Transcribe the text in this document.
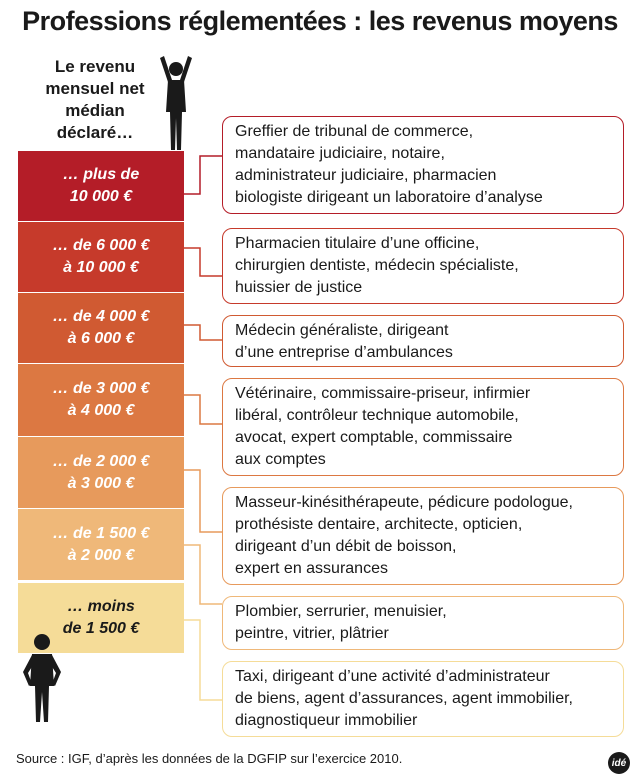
Professions réglementées : les revenus moyens
Le revenu mensuel net médian déclaré…
… plus de
10 000 €
… de 6 000 €
à 10 000 €
… de 4 000 €
à 6 000 €
… de 3 000 €
à 4 000 €
… de 2 000 €
à 3 000 €
… de 1 500 €
à 2 000 €
… moins
de 1 500 €
Greffier de tribunal de commerce,
mandataire judiciaire, notaire,
administrateur judiciaire, pharmacien
biologiste dirigeant un laboratoire d’analyse
Pharmacien titulaire d’une officine,
chirurgien dentiste, médecin spécialiste,
huissier de justice
Médecin généraliste, dirigeant
d’une entreprise d’ambulances
Vétérinaire, commissaire-priseur, infirmier
libéral, contrôleur technique automobile,
avocat, expert comptable, commissaire
aux comptes
Masseur-kinésithérapeute, pédicure podologue,
prothésiste dentaire, architecte, opticien,
dirigeant d’un débit de boisson,
expert en assurances
Plombier, serrurier, menuisier,
peintre, vitrier, plâtrier
Taxi, dirigeant d’une activité d’administrateur
de biens, agent d’assurances, agent immobilier,
diagnostiqueur immobilier
Source : IGF, d’après les données de la DGFIP sur l’exercice 2010.	idé
